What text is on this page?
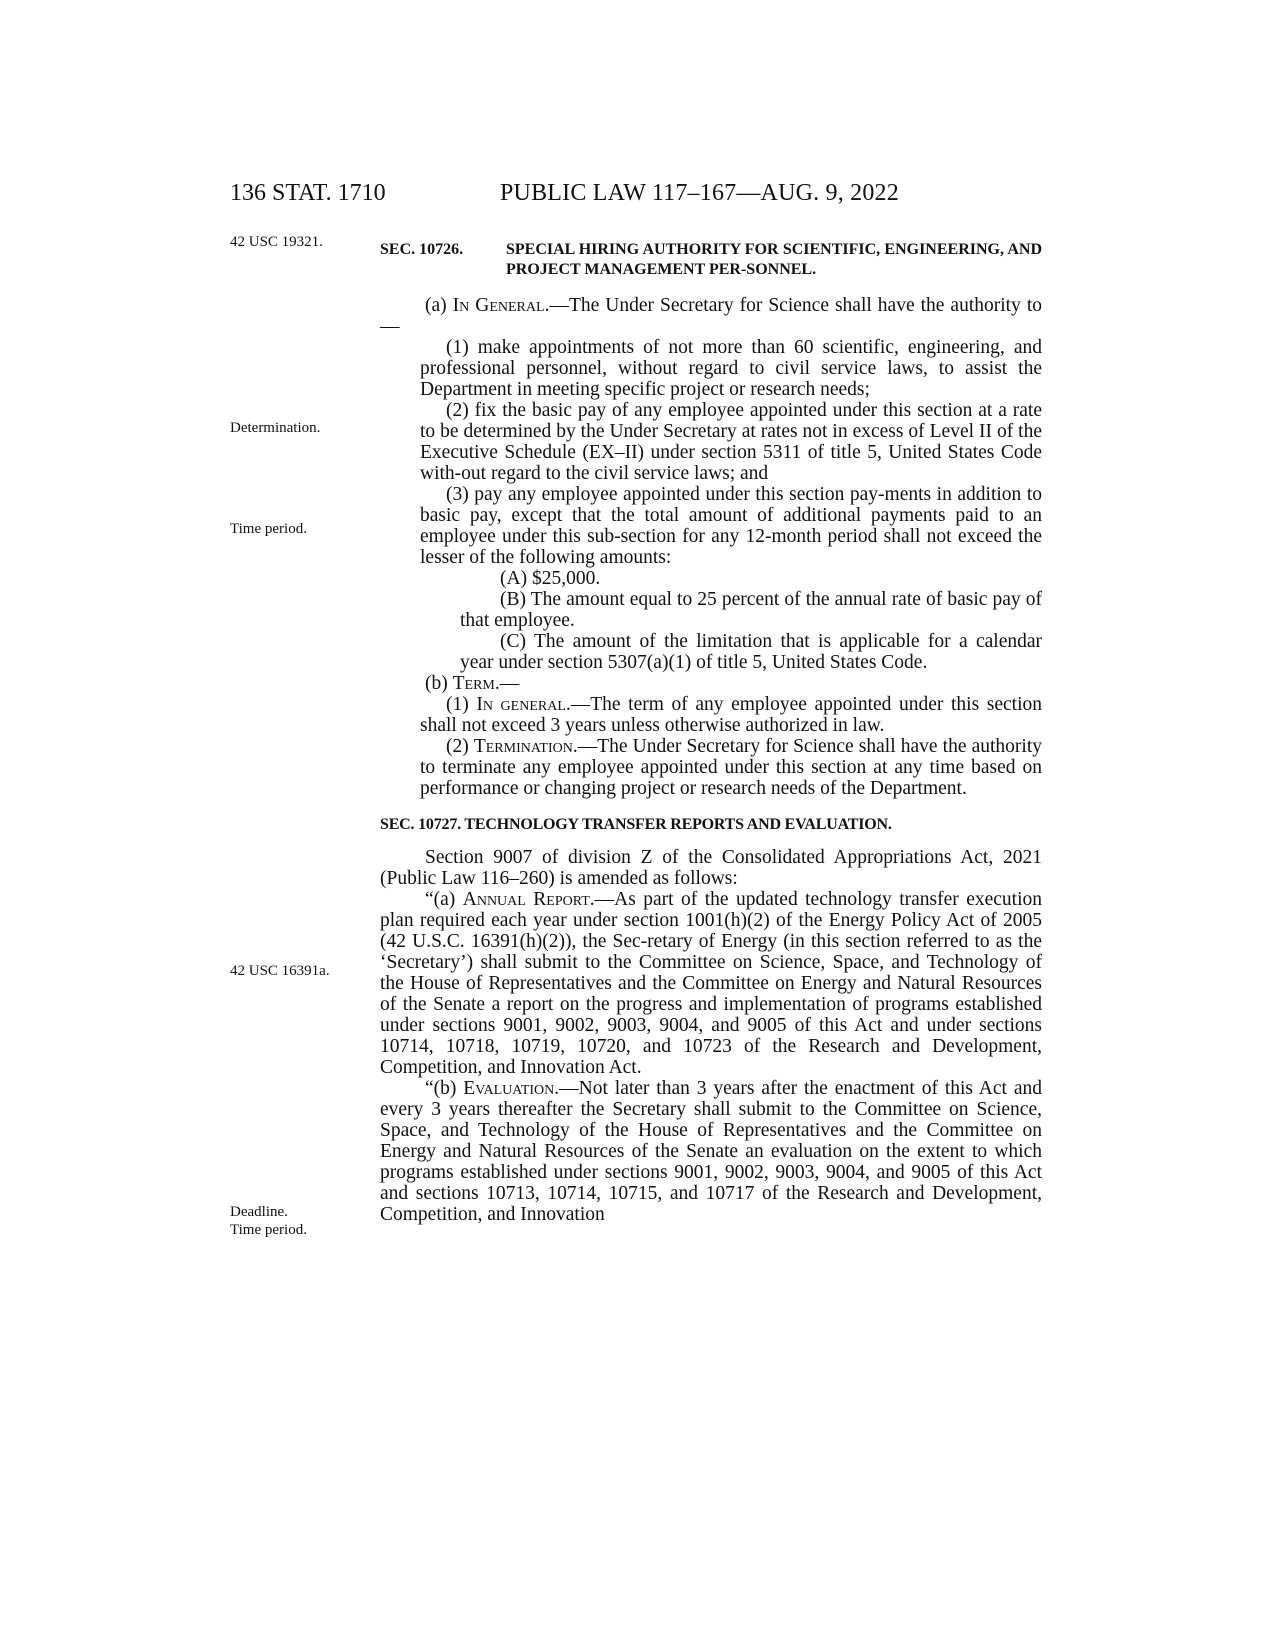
136 STAT. 1710	PUBLIC LAW 117–167—AUG. 9, 2022
42 USC 19321.
Determination.
Time period.
42 USC 16391a.
Deadline.
Time period.

SEC. 10726.	SPECIAL HIRING AUTHORITY FOR SCIENTIFIC, ENGINEERING, AND PROJECT MANAGEMENT PER-SONNEL.

(a) In General.—The Under Secretary for Science shall have the authority to—

(1) make appointments of not more than 60 scientific, engineering, and professional personnel, without regard to civil service laws, to assist the Department in meeting specific project or research needs;

(2) fix the basic pay of any employee appointed under this section at a rate to be determined by the Under Secretary at rates not in excess of Level II of the Executive Schedule (EX–II) under section 5311 of title 5, United States Code with-out regard to the civil service laws; and

(3) pay any employee appointed under this section pay-ments in addition to basic pay, except that the total amount of additional payments paid to an employee under this sub-section for any 12-month period shall not exceed the lesser of the following amounts:

(A) $25,000.

(B) The amount equal to 25 percent of the annual rate of basic pay of that employee.

(C) The amount of the limitation that is applicable for a calendar year under section 5307(a)(1) of title 5, United States Code.

(b) Term.—

(1) In general.—The term of any employee appointed under this section shall not exceed 3 years unless otherwise authorized in law.

(2) Termination.—The Under Secretary for Science shall have the authority to terminate any employee appointed under this section at any time based on performance or changing project or research needs of the Department.

SEC. 10727. TECHNOLOGY TRANSFER REPORTS AND EVALUATION.

Section 9007 of division Z of the Consolidated Appropriations Act, 2021 (Public Law 116–260) is amended as follows:

“(a) Annual Report.—As part of the updated technology transfer execution plan required each year under section 1001(h)(2) of the Energy Policy Act of 2005 (42 U.S.C. 16391(h)(2)), the Sec-retary of Energy (in this section referred to as the ‘Secretary’) shall submit to the Committee on Science, Space, and Technology of the House of Representatives and the Committee on Energy and Natural Resources of the Senate a report on the progress and implementation of programs established under sections 9001, 9002, 9003, 9004, and 9005 of this Act and under sections 10714, 10718, 10719, 10720, and 10723 of the Research and Development, Competition, and Innovation Act.

“(b) Evaluation.—Not later than 3 years after the enactment of this Act and every 3 years thereafter the Secretary shall submit to the Committee on Science, Space, and Technology of the House of Representatives and the Committee on Energy and Natural Resources of the Senate an evaluation on the extent to which programs established under sections 9001, 9002, 9003, 9004, and 9005 of this Act and sections 10713, 10714, 10715, and 10717 of the Research and Development, Competition, and Innovation
